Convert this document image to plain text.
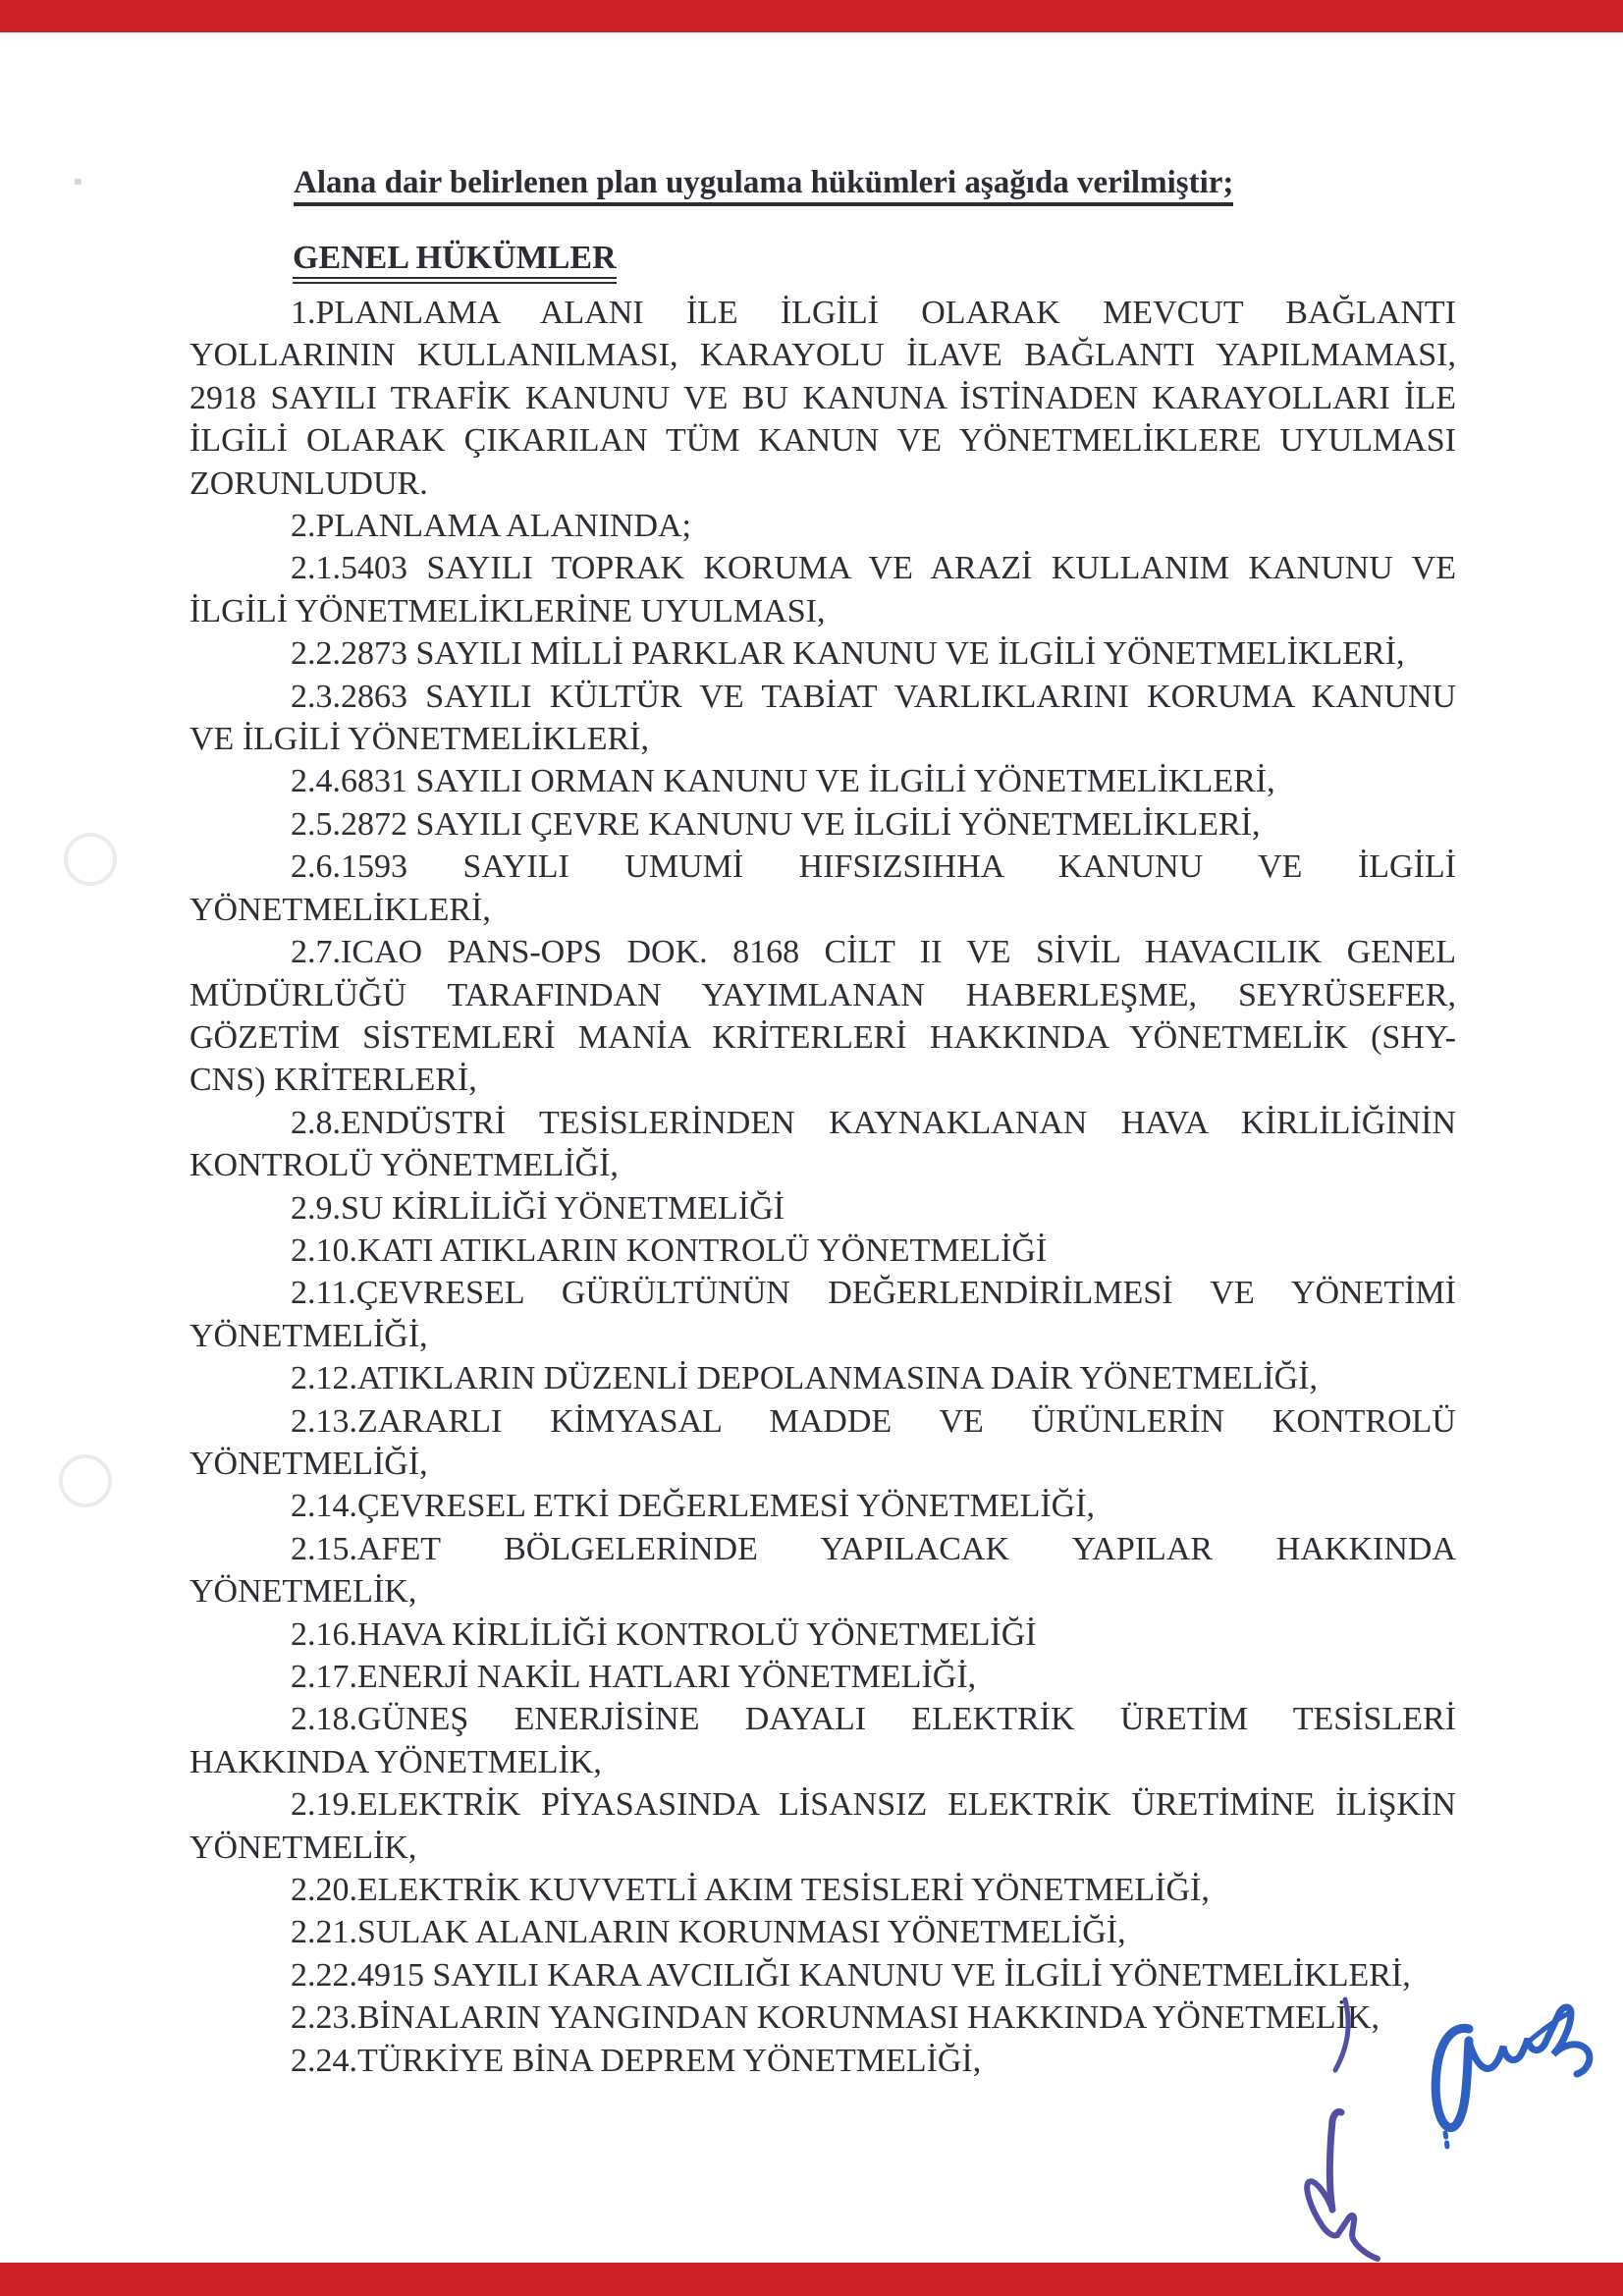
Alana dair belirlenen plan uygulama hükümleri aşağıda verilmiştir;

GENEL HÜKÜMLER

1.PLANLAMA ALANI İLE İLGİLİ OLARAK MEVCUT BAĞLANTI

YOLLARININ KULLANILMASI, KARAYOLU İLAVE BAĞLANTI YAPILMAMASI,

2918 SAYILI TRAFİK KANUNU VE BU KANUNA İSTİNADEN KARAYOLLARI İLE

İLGİLİ OLARAK ÇIKARILAN TÜM KANUN VE YÖNETMELİKLERE UYULMASI

ZORUNLUDUR.

2.PLANLAMA ALANINDA;

2.1.5403 SAYILI TOPRAK KORUMA VE ARAZİ KULLANIM KANUNU VE

İLGİLİ YÖNETMELİKLERİNE UYULMASI,

2.2.2873 SAYILI MİLLİ PARKLAR KANUNU VE İLGİLİ YÖNETMELİKLERİ,

2.3.2863 SAYILI KÜLTÜR VE TABİAT VARLIKLARINI KORUMA KANUNU

VE İLGİLİ YÖNETMELİKLERİ,

2.4.6831 SAYILI ORMAN KANUNU VE İLGİLİ YÖNETMELİKLERİ,

2.5.2872 SAYILI ÇEVRE KANUNU VE İLGİLİ YÖNETMELİKLERİ,

2.6.1593 SAYILI UMUMİ HIFSIZSIHHA KANUNU VE İLGİLİ

YÖNETMELİKLERİ,

2.7.ICAO PANS-OPS DOK. 8168 CİLT II VE SİVİL HAVACILIK GENEL

MÜDÜRLÜĞÜ TARAFINDAN YAYIMLANAN HABERLEŞME, SEYRÜSEFER,

GÖZETİM SİSTEMLERİ MANİA KRİTERLERİ HAKKINDA YÖNETMELİK (SHY-

CNS) KRİTERLERİ,

2.8.ENDÜSTRİ TESİSLERİNDEN KAYNAKLANAN HAVA KİRLİLİĞİNİN

KONTROLÜ YÖNETMELİĞİ,

2.9.SU KİRLİLİĞİ YÖNETMELİĞİ

2.10.KATI ATIKLARIN KONTROLÜ YÖNETMELİĞİ

2.11.ÇEVRESEL GÜRÜLTÜNÜN DEĞERLENDİRİLMESİ VE YÖNETİMİ

YÖNETMELİĞİ,

2.12.ATIKLARIN DÜZENLİ DEPOLANMASINA DAİR YÖNETMELİĞİ,

2.13.ZARARLI KİMYASAL MADDE VE ÜRÜNLERİN KONTROLÜ

YÖNETMELİĞİ,

2.14.ÇEVRESEL ETKİ DEĞERLEMESİ YÖNETMELİĞİ,

2.15.AFET BÖLGELERİNDE YAPILACAK YAPILAR HAKKINDA

YÖNETMELİK,

2.16.HAVA KİRLİLİĞİ KONTROLÜ YÖNETMELİĞİ

2.17.ENERJİ NAKİL HATLARI YÖNETMELİĞİ,

2.18.GÜNEŞ ENERJİSİNE DAYALI ELEKTRİK ÜRETİM TESİSLERİ

HAKKINDA YÖNETMELİK,

2.19.ELEKTRİK PİYASASINDA LİSANSIZ ELEKTRİK ÜRETİMİNE İLİŞKİN

YÖNETMELİK,

2.20.ELEKTRİK KUVVETLİ AKIM TESİSLERİ YÖNETMELİĞİ,

2.21.SULAK ALANLARIN KORUNMASI YÖNETMELİĞİ,

2.22.4915 SAYILI KARA AVCILIĞI KANUNU VE İLGİLİ YÖNETMELİKLERİ,

2.23.BİNALARIN YANGINDAN KORUNMASI HAKKINDA YÖNETMELİK,

2.24.TÜRKİYE BİNA DEPREM YÖNETMELİĞİ,
